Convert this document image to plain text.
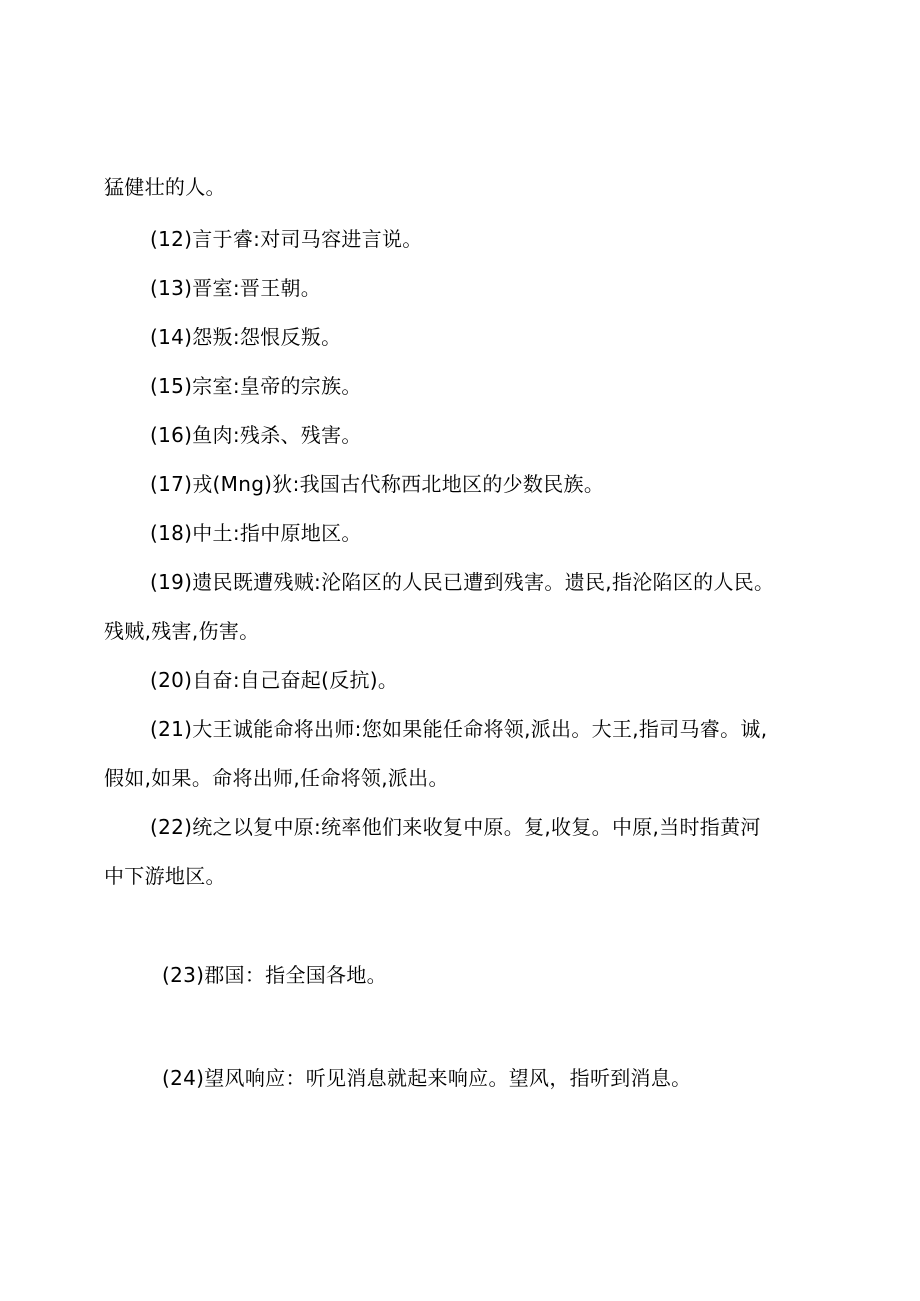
猛健壮的人。

(12)言于睿:对司马容进言说。

(13)晋室:晋王朝。

(14)怨叛:怨恨反叛。

(15)宗室:皇帝的宗族。

(16)鱼肉:残杀、残害。

(17)戎(Mng)狄:我国古代称西北地区的少数民族。

(18)中土:指中原地区。

(19)遗民既遭残贼:沦陷区的人民已遭到残害。遗民,指沦陷区的人民。

残贼,残害,伤害。

(20)自奋:自己奋起(反抗)。

(21)大王诚能命将出师:您如果能任命将领,派出。大王,指司马睿。诚,

假如,如果。命将出师,任命将领,派出。

(22)统之以复中原:统率他们来收复中原。复,收复。中原,当时指黄河

中下游地区。

(23)郡国：指全国各地。

(24)望风响应：听见消息就起来响应。望风，指听到消息。
